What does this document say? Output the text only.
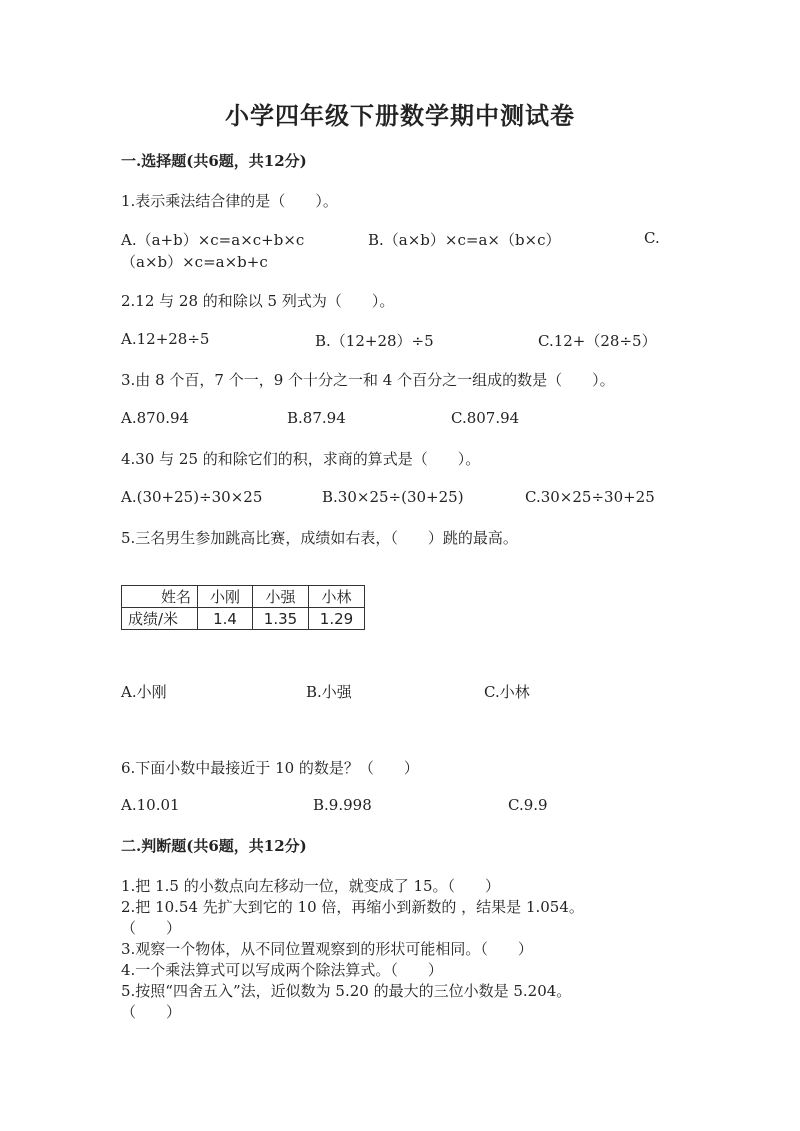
小学四年级下册数学期中测试卷
一.选择题(共6题，共12分)
1.表示乘法结合律的是（　　）。
A.（a+b）×c=a×c+b×c	B.（a×b）×c=a×（b×c）	C.
（a×b）×c=a×b+c
2.12 与 28 的和除以 5 列式为（　　）。
A.12+28÷5	B.（12+28）÷5	C.12+（28÷5）
3.由 8 个百，7 个一，9 个十分之一和 4 个百分之一组成的数是（　　）。
A.870.94	B.87.94	C.807.94
4.30 与 25 的和除它们的积，求商的算式是（　　）。
A.(30+25)÷30×25	B.30×25÷(30+25)	C.30×25÷30+25
5.三名男生参加跳高比赛，成绩如右表，（　　）跳的最高。
姓名	小刚	小强	小林
成绩/米	1.4	1.35	1.29
A.小刚	B.小强	C.小林
6.下面小数中最接近于 10 的数是？（　　）
A.10.01	B.9.998	C.9.9
二.判断题(共6题，共12分)
1.把 1.5 的小数点向左移动一位，就变成了 15。（　　）
2.把 10.54 先扩大到它的 10 倍，再缩小到新数的 ，结果是 1.054。
（　　）
3.观察一个物体，从不同位置观察到的形状可能相同。（　　）
4.一个乘法算式可以写成两个除法算式。（　　）
5.按照“四舍五入”法，近似数为 5.20 的最大的三位小数是 5.204。
（　　）
